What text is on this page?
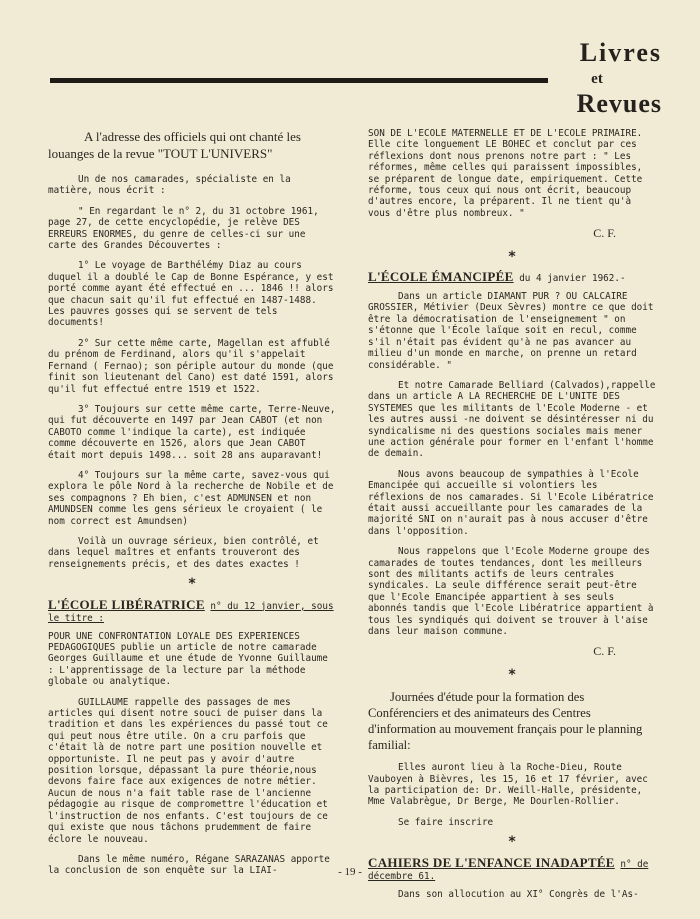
Livres
et
Revues

A l'adresse des officiels qui ont chanté les louanges de la revue "TOUT L'UNIVERS"

Un de nos camarades, spécialiste en la matière, nous écrit :

" En regardant le n° 2, du 31 octobre 1961, page 27, de cette encyclopédie, je relève DES ERREURS ENORMES, du genre de celles-ci sur une carte des Grandes Découvertes :

1° Le voyage de Barthélémy Diaz au cours duquel il a doublé le Cap de Bonne Espérance, y est porté comme ayant été effectué en ... 1846 !! alors que chacun sait qu'il fut effectué en 1487-1488. Les pauvres gosses qui se servent de tels documents!

2° Sur cette même carte, Magellan est affublé du prénom de Ferdinand, alors qu'il s'appelait Fernand ( Fernao); son périple autour du monde (que finit son lieutenant del Cano) est daté 1591, alors qu'il fut effectué entre 1519 et 1522.

3° Toujours sur cette même carte, Terre-Neuve, qui fut découverte en 1497 par Jean CABOT (et non CABOTO comme l'indique la carte), est indiquée comme découverte en 1526, alors que Jean CABOT était mort depuis 1498... soit 28 ans auparavant!

4° Toujours sur la même carte, savez-vous qui explora le pôle Nord à la recherche de Nobile et de ses compagnons ? Eh bien, c'est ADMUNSEN et non AMUNDSEN comme les gens sérieux le croyaient ( le nom correct est Amundsen)

Voilà un ouvrage sérieux, bien contrôlé, et dans lequel maîtres et enfants trouveront des renseignements précis, et des dates exactes !

*
L'ÉCOLE LIBÉRATRICE n° du 12 janvier, sous le titre :

POUR UNE CONFRONTATION LOYALE DES EXPERIENCES PEDAGOGIQUES publie un article de notre camarade Georges Guillaume et une étude de Yvonne Guillaume : L'apprentissage de la lecture par la méthode globale ou analytique.

GUILLAUME rappelle des passages de mes articles qui disent notre souci de puiser dans la tradition et dans les expériences du passé tout ce qui peut nous être utile. On a cru parfois que c'était là de notre part une position nouvelle et opportuniste. Il ne peut pas y avoir d'autre position lorsque, dépassant la pure théorie,nous devons faire face aux exigences de notre métier. Aucun de nous n'a fait table rase de l'ancienne pédagogie au risque de compromettre l'éducation et l'instruction de nos enfants. C'est toujours de ce qui existe que nous tâchons prudemment de faire éclore le nouveau.

Dans le même numéro, Régane SARAZANAS apporte la conclusion de son enquête sur la LIAI-

SON DE L'ECOLE MATERNELLE ET DE L'ECOLE PRIMAIRE. Elle cite longuement LE BOHEC et conclut par ces réflexions dont nous prenons notre part : " Les réformes, même celles qui paraissent impossibles, se préparent de longue date, empiriquement. Cette réforme, tous ceux qui nous ont écrit, beaucoup d'autres encore, la préparent. Il ne tient qu'à vous d'être plus nombreux. "

C. F.
*
L'ÉCOLE ÉMANCIPÉE du 4 janvier 1962.-

Dans un article DIAMANT PUR ? OU CALCAIRE GROSSIER, Métivier (Deux Sèvres) montre ce que doit être la démocratisation de l'enseignement " on s'étonne que l'École laïque soit en recul, comme s'il n'était pas évident qu'à ne pas avancer au milieu d'un monde en marche, on prenne un retard considérable. "

Et notre Camarade Belliard (Calvados),rappelle dans un article A LA RECHERCHE DE L'UNITE DES SYSTEMES que les militants de l'Ecole Moderne - et les autres aussi -ne doivent se désintéresser ni du syndicalisme ni des questions sociales mais mener une action générale pour former en l'enfant l'homme de demain.

Nous avons beaucoup de sympathies à l'Ecole Emancipée qui accueille si volontiers les réflexions de nos camarades. Si l'Ecole Libératrice était aussi accueillante pour les camarades de la majorité SNI on n'aurait pas à nous accuser d'être dans l'opposition.

Nous rappelons que l'Ecole Moderne groupe des camarades de toutes tendances, dont les meilleurs sont des militants actifs de leurs centrales syndicales. La seule différence serait peut-être que l'Ecole Emancipée appartient à ses seuls abonnés tandis que l'Ecole Libératrice appartient à tous les syndiqués qui doivent se trouver à l'aise dans leur maison commune.

C. F.
*

Journées d'étude pour la formation des Conférenciers et des animateurs des Centres d'information au mouvement français pour le planning familial:

Elles auront lieu à la Roche-Dieu, Route Vauboyen à Bièvres, les 15, 16 et 17 février, avec la participation de: Dr. Weill-Halle, présidente, Mme Valabrègue, Dr Berge, Me Dourlen-Rollier.

Se faire inscrire

*
CAHIERS DE L'ENFANCE INADAPTÉE n° de décembre 61.

Dans son allocution au XI° Congrès de l'As-

- 19 -
